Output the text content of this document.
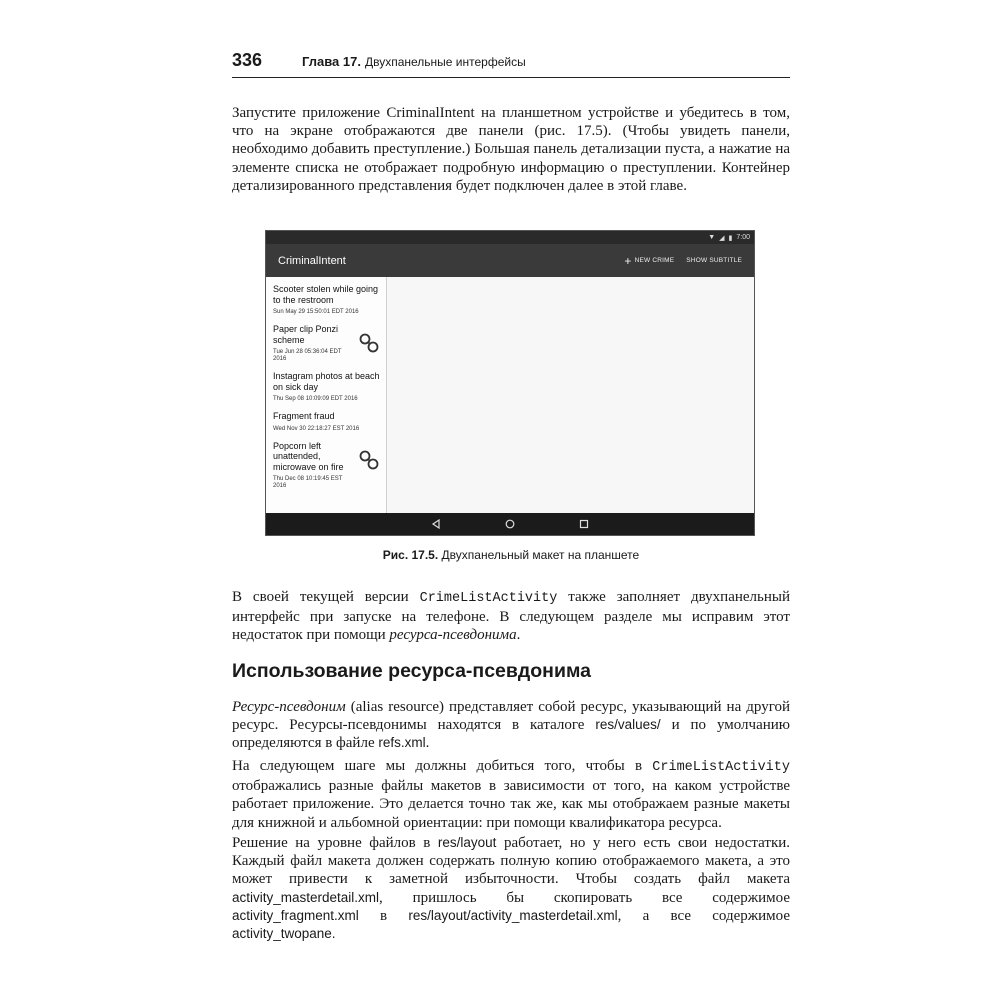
336	Глава 17. Двухпанельные интерфейсы

Запустите приложение CriminalIntent на планшетном устройстве и убедитесь в том, что на экране отображаются две панели (рис. 17.5). (Чтобы увидеть панели, необходимо добавить преступление.) Большая панель детализации пуста, а нажатие на элементе списка не отображает подробную информацию о преступлении. Контейнер детализированного представления будет подключен далее в этой главе.

Рис. 17.5. Двухпанельный макет на планшете

В своей текущей версии CrimeListActivity также заполняет двухпанельный интерфейс при запуске на телефоне. В следующем разделе мы исправим этот недостаток при помощи ресурса-псевдонима.

Использование ресурса-псевдонима

Ресурс-псевдоним (alias resource) представляет собой ресурс, указывающий на другой ресурс. Ресурсы-псевдонимы находятся в каталоге res/values/ и по умолчанию определяются в файле refs.xml.

На следующем шаге мы должны добиться того, чтобы в CrimeListActivity отображались разные файлы макетов в зависимости от того, на каком устройстве работает приложение. Это делается точно так же, как мы отображаем разные макеты для книжной и альбомной ориентации: при помощи квалификатора ресурса.

Решение на уровне файлов в res/layout работает, но у него есть свои недостатки. Каждый файл макета должен содержать полную копию отображаемого макета, а это может привести к заметной избыточности. Чтобы создать файл макета activity_masterdetail.xml, пришлось бы скопировать все содержимое activity_fragment.xml в res/layout/activity_masterdetail.xml, а все содержимое activity_twopane.

▼ ◢ ▮ 7:00
CriminalIntent	+ NEW CRIME SHOW SUBTITLE
Scooter stolen while going to the restroom
Sun May 29 15:50:01 EDT 2016
Paper clip Ponzi scheme
Tue Jun 28 05:36:04 EDT 2016
Instagram photos at beach on sick day
Thu Sep 08 10:09:09 EDT 2016
Fragment fraud
Wed Nov 30 22:18:27 EST 2016
Popcorn left unattended, microwave on fire
Thu Dec 08 10:19:45 EST 2016
